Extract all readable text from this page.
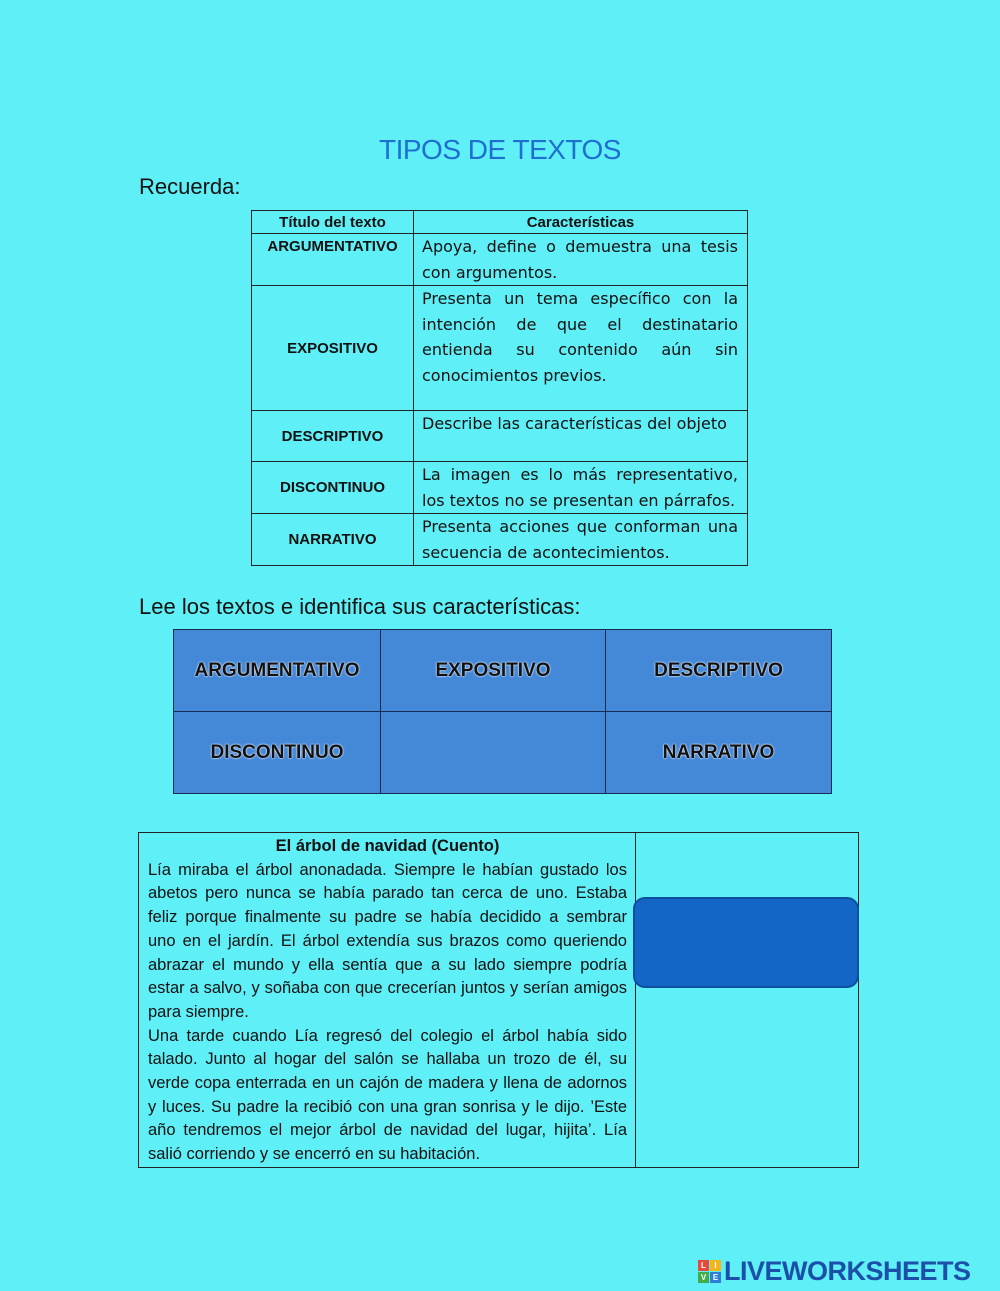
TIPOS DE TEXTOS
Recuerda:
Título del texto	Características
ARGUMENTATIVO	Apoya, define o demuestra una tesis con argumentos.
EXPOSITIVO	Presenta un tema específico con la intención de que el destinatario entienda su contenido aún sin conocimientos previos.
DESCRIPTIVO	Describe las características del objeto
DISCONTINUO	La imagen es lo más representativo, los textos no se presentan en párrafos.
NARRATIVO	Presenta acciones que conforman una secuencia de acontecimientos.
Lee los textos e identifica sus características:
ARGUMENTATIVO	EXPOSITIVO	DESCRIPTIVO
DISCONTINUO		NARRATIVO
El árbol de navidad (Cuento)

Lía miraba el árbol anonadada. Siempre le habían gustado los abetos pero nunca se había parado tan cerca de uno. Estaba feliz porque finalmente su padre se había decidido a sembrar uno en el jardín. El árbol extendía sus brazos como queriendo abrazar el mundo y ella sentía que a su lado siempre podría estar a salvo, y soñaba con que crecerían juntos y serían amigos para siempre.

Una tarde cuando Lía regresó del colegio el árbol había sido talado. Junto al hogar del salón se hallaba un trozo de él, su verde copa enterrada en un cajón de madera y llena de adornos y luces. Su padre la recibió con una gran sonrisa y le dijo. ’Este año tendremos el mejor árbol de navidad del lugar, hijita’. Lía salió corriendo y se encerró en su habitación.

L	I
V E LIVEWORKSHEETS
